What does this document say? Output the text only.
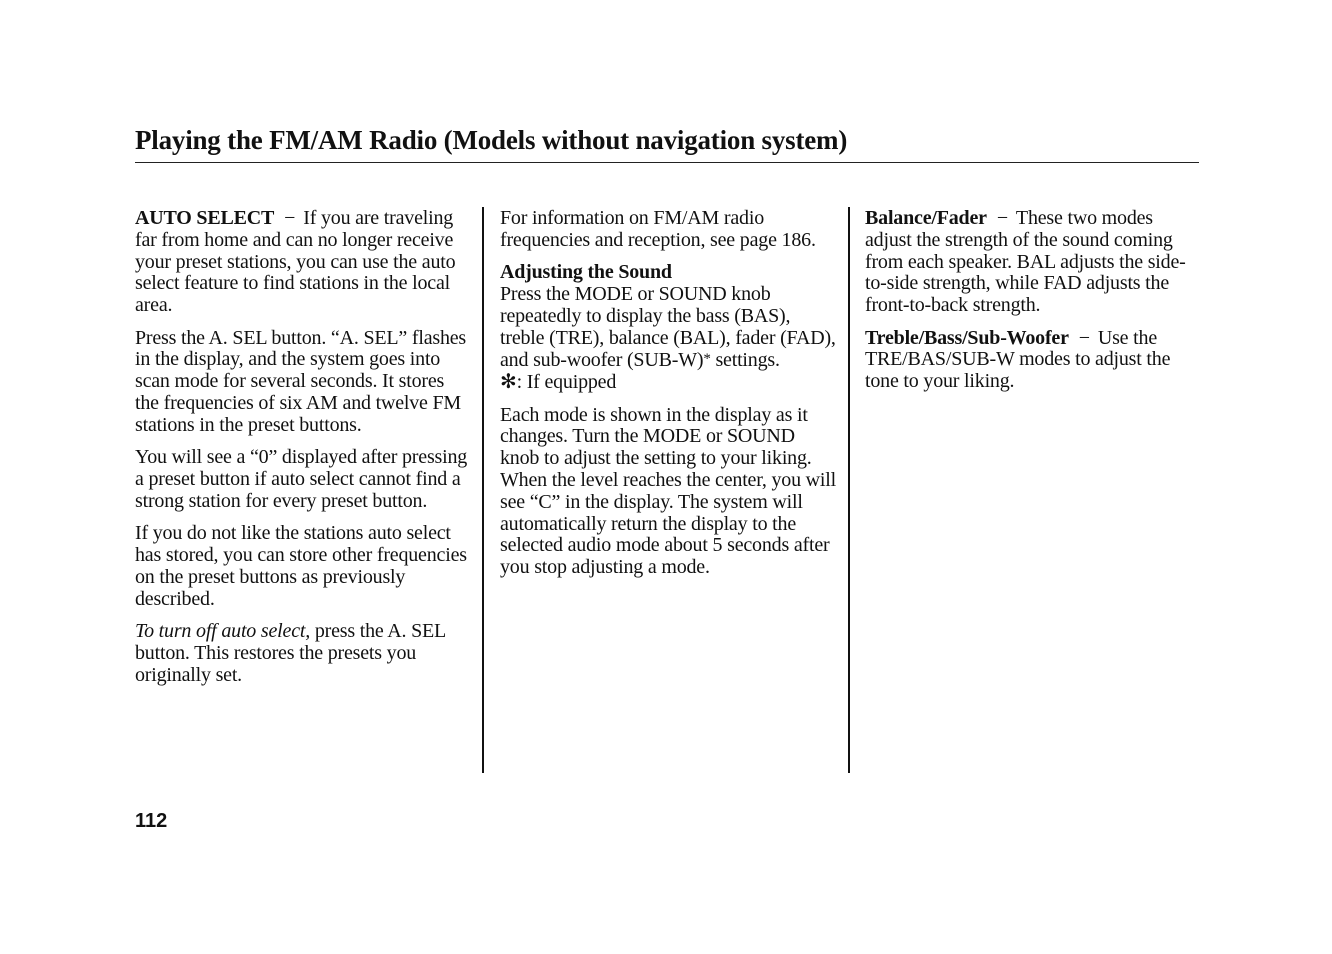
Playing the FM/AM Radio (Models without navigation system)

AUTO SELECT − If you are traveling far from home and can no longer receive your preset stations, you can use the auto select feature to find stations in the local area.

Press the A. SEL button. “A. SEL” flashes in the display, and the system goes into scan mode for several seconds. It stores the frequencies of six AM and twelve FM stations in the preset buttons.

You will see a “0” displayed after pressing a preset button if auto select cannot find a strong station for every preset button.

If you do not like the stations auto select has stored, you can store other frequencies on the preset buttons as previously described.

To turn off auto select, press the A. SEL button. This restores the presets you originally set.

For information on FM/AM radio frequencies and reception, see page 186.

Adjusting the Sound
Press the MODE or SOUND knob repeatedly to display the bass (BAS), treble (TRE), balance (BAL), fader (FAD), and sub-woofer (SUB-W)* settings.
✻: If equipped

Each mode is shown in the display as it changes. Turn the MODE or SOUND knob to adjust the setting to your liking. When the level reaches the center, you will see “C” in the display. The system will automatically return the display to the selected audio mode about 5 seconds after you stop adjusting a mode.

Balance/Fader − These two modes adjust the strength of the sound coming from each speaker. BAL adjusts the side-to-side strength, while FAD adjusts the front-to-back strength.

Treble/Bass/Sub-Woofer − Use the TRE/BAS/SUB-W modes to adjust the tone to your liking.

112
